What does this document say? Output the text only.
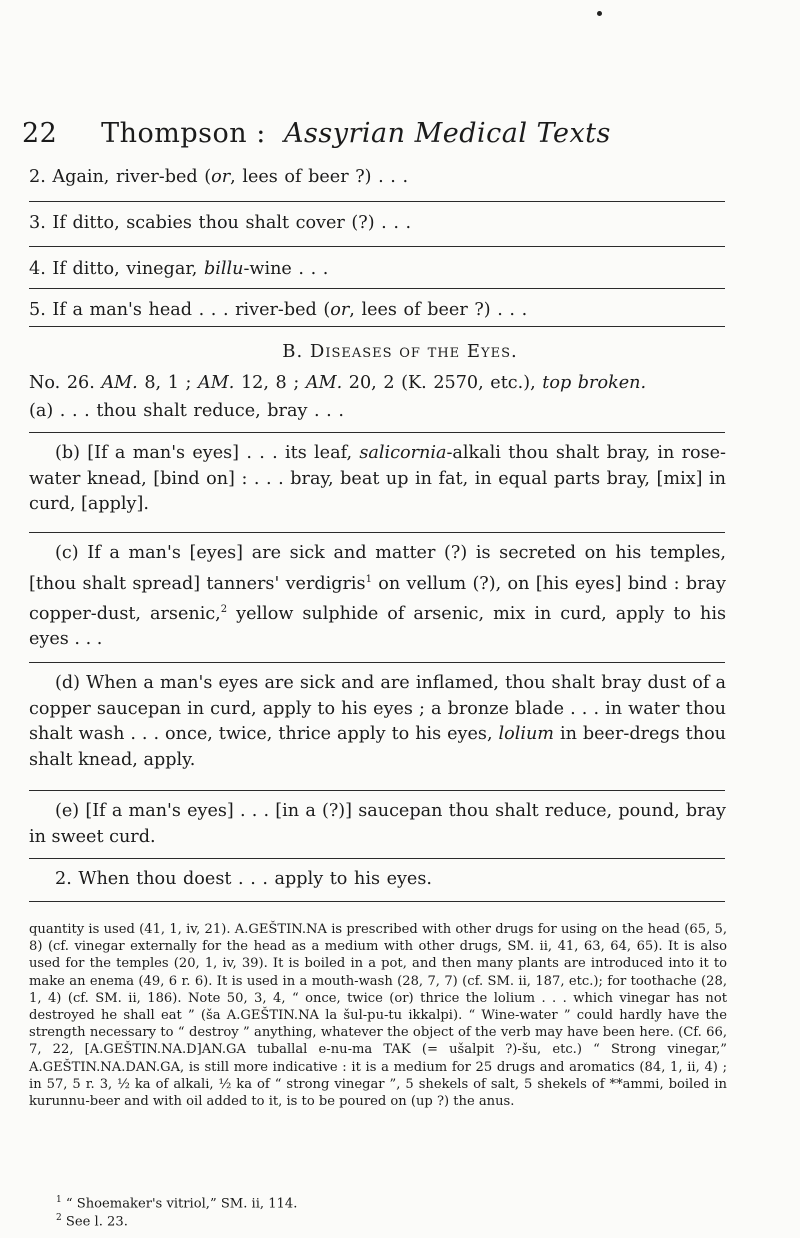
22 Thompson :  Assyrian Medical Texts
2. Again, river-bed (or, lees of beer ?) . . .
3. If ditto, scabies thou shalt cover (?) . . .
4. If ditto, vinegar, billu-wine . . .
5. If a man's head . . . river-bed (or, lees of beer ?) . . .
B. Diseases of the Eyes.
No. 26. AM. 8, 1 ; AM. 12, 8 ; AM. 20, 2 (K. 2570, etc.), top broken.
(a) . . . thou shalt reduce, bray . . .
(b) [If a man's eyes] . . . its leaf, salicornia-alkali thou shalt bray, in rose-water knead, [bind on] : . . . bray, beat up in fat, in equal parts bray, [mix] in curd, [apply].
(c) If a man's [eyes] are sick and matter (?) is secreted on his temples, [thou shalt spread] tanners' verdigris$^1$ on vellum (?), on [his eyes] bind : bray copper-dust, arsenic,$^2$ yellow sulphide of arsenic, mix in curd, apply to his eyes . . .
(d) When a man's eyes are sick and are inflamed, thou shalt bray dust of a copper saucepan in curd, apply to his eyes ; a bronze blade . . . in water thou shalt wash . . . once, twice, thrice apply to his eyes, lolium in beer-dregs thou shalt knead, apply.
(e) [If a man's eyes] . . . [in a (?)] saucepan thou shalt reduce, pound, bray in sweet curd.
2. When thou doest . . . apply to his eyes.
quantity is used (41, 1, iv, 21). A.GEŠTIN.NA is prescribed with other drugs for using on the head (65, 5, 8) (cf. vinegar externally for the head as a medium with other drugs, SM. ii, 41, 63, 64, 65). It is also used for the temples (20, 1, iv, 39). It is boiled in a pot, and then many plants are introduced into it to make an enema (49, 6 r. 6). It is used in a mouth-wash (28, 7, 7) (cf. SM. ii, 187, etc.); for toothache (28, 1, 4) (cf. SM. ii, 186). Note 50, 3, 4, “ once, twice (or) thrice the lolium . . . which vinegar has not destroyed he shall eat ” (ša A.GEŠTIN.NA la šul-pu-tu ikkalpi). “ Wine-water ” could hardly have the strength necessary to “ destroy ” anything, whatever the object of the verb may have been here. (Cf. 66, 7, 22, [A.GEŠTIN.NA.D]AN.GA tuballal e-nu-ma TAK (= ušalpit ?)-šu, etc.) “ Strong vinegar,” A.GEŠTIN.NA.DAN.GA, is still more indicative : it is a medium for 25 drugs and aromatics (84, 1, ii, 4) ; in 57, 5 r. 3, ½ ka of alkali, ½ ka of “ strong vinegar ”, 5 shekels of salt, 5 shekels of **ammi, boiled in kurunnu-beer and with oil added to it, is to be poured on (up ?) the anus.
$^1$ “ Shoemaker's vitriol,” SM. ii, 114.
$^2$ See l. 23.
